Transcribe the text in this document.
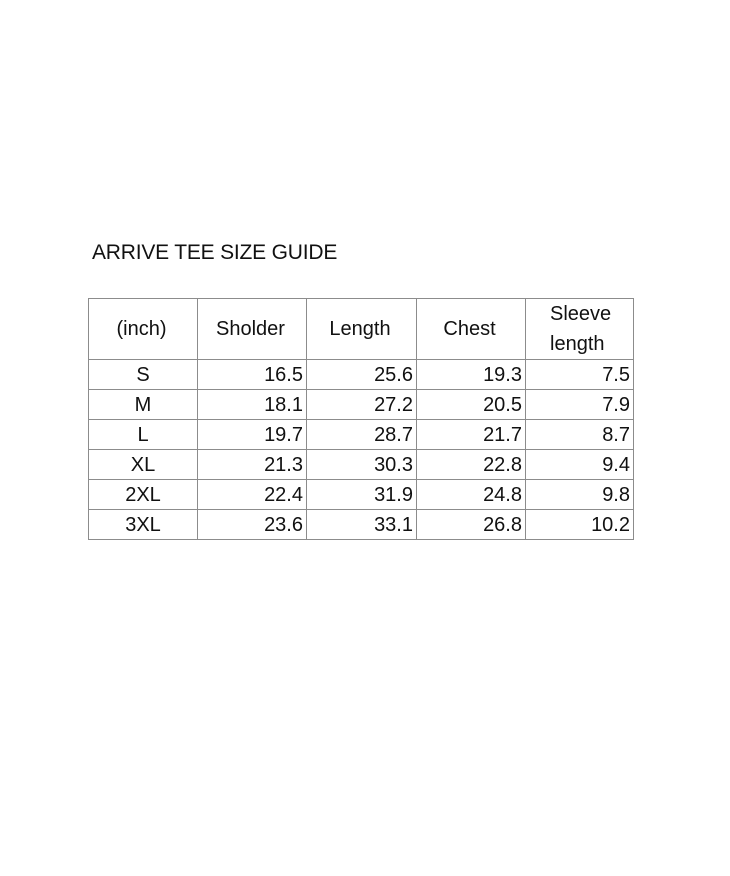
ARRIVE TEE SIZE GUIDE
(inch)	Sholder	Length	Chest	Sleeve
length
S	16.5	25.6	19.3	7.5
M	18.1	27.2	20.5	7.9
L	19.7	28.7	21.7	8.7
XL	21.3	30.3	22.8	9.4
2XL	22.4	31.9	24.8	9.8
3XL	23.6	33.1	26.8	10.2
